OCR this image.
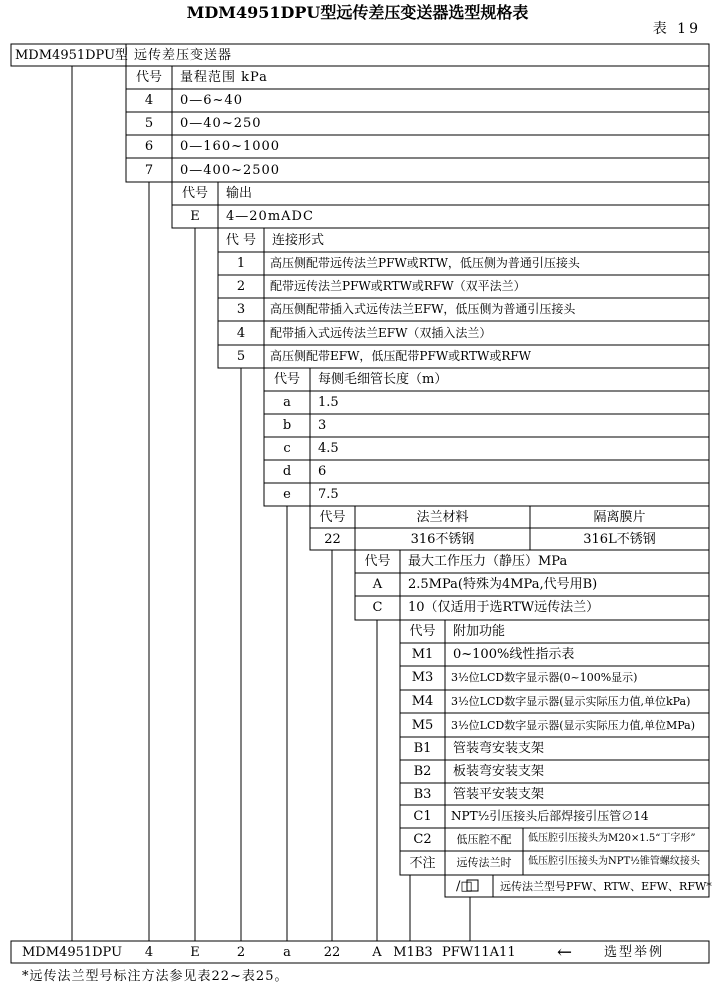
MDM4951DPU型远传差压变送器选型规格表
表 19
MDM4951DPU型 远传差压变送器
代号	量程范围 kPa
4	0—6~40
5	0—40~250
6	0—160~1000
7	0—400~2500
代号	输出
E	4—20mADC
代 号	连接形式
1	高压侧配带远传法兰PFW或RTW，低压侧为普通引压接头
2	配带远传法兰PFW或RTW或RFW（双平法兰）
3	高压侧配带插入式远传法兰EFW，低压侧为普通引压接头
4	配带插入式远传法兰EFW（双插入法兰）
5	高压侧配带EFW，低压配带PFW或RTW或RFW
代号	每侧毛细管长度（m）
a	1.5
b	3
c	4.5
d	6
e	7.5
代号	法兰材料	隔离膜片
22	316不锈钢	316L不锈钢
代号	最大工作压力（静压）MPa
A	2.5MPa(特殊为4MPa,代号用B)
C	10（仅适用于选RTW远传法兰）
代号	附加功能
M1	0~100%线性指示表
M3	3½位LCD数字显示器(0~100%显示)
M4	3½位LCD数字显示器(显示实际压力值,单位kPa)
M5	3½位LCD数字显示器(显示实际压力值,单位MPa)
B1	管装弯安装支架
B2	板装弯安装支架
B3	管装平安装支架
C1	NPT½引压接头后部焊接引压管∅14
C2	低压腔不配	低压腔引压接头为M20×1.5“丁字形”
不注	远传法兰时	低压腔引压接头为NPT½锥管螺纹接头
/□ 远传法兰型号PFW、RTW、EFW、RFW*
MDM4951DPU	4	E	2	a	22	A M1B3 PFW11A11 ← 选型举例
*远传法兰型号标注方法参见表22~表25。
